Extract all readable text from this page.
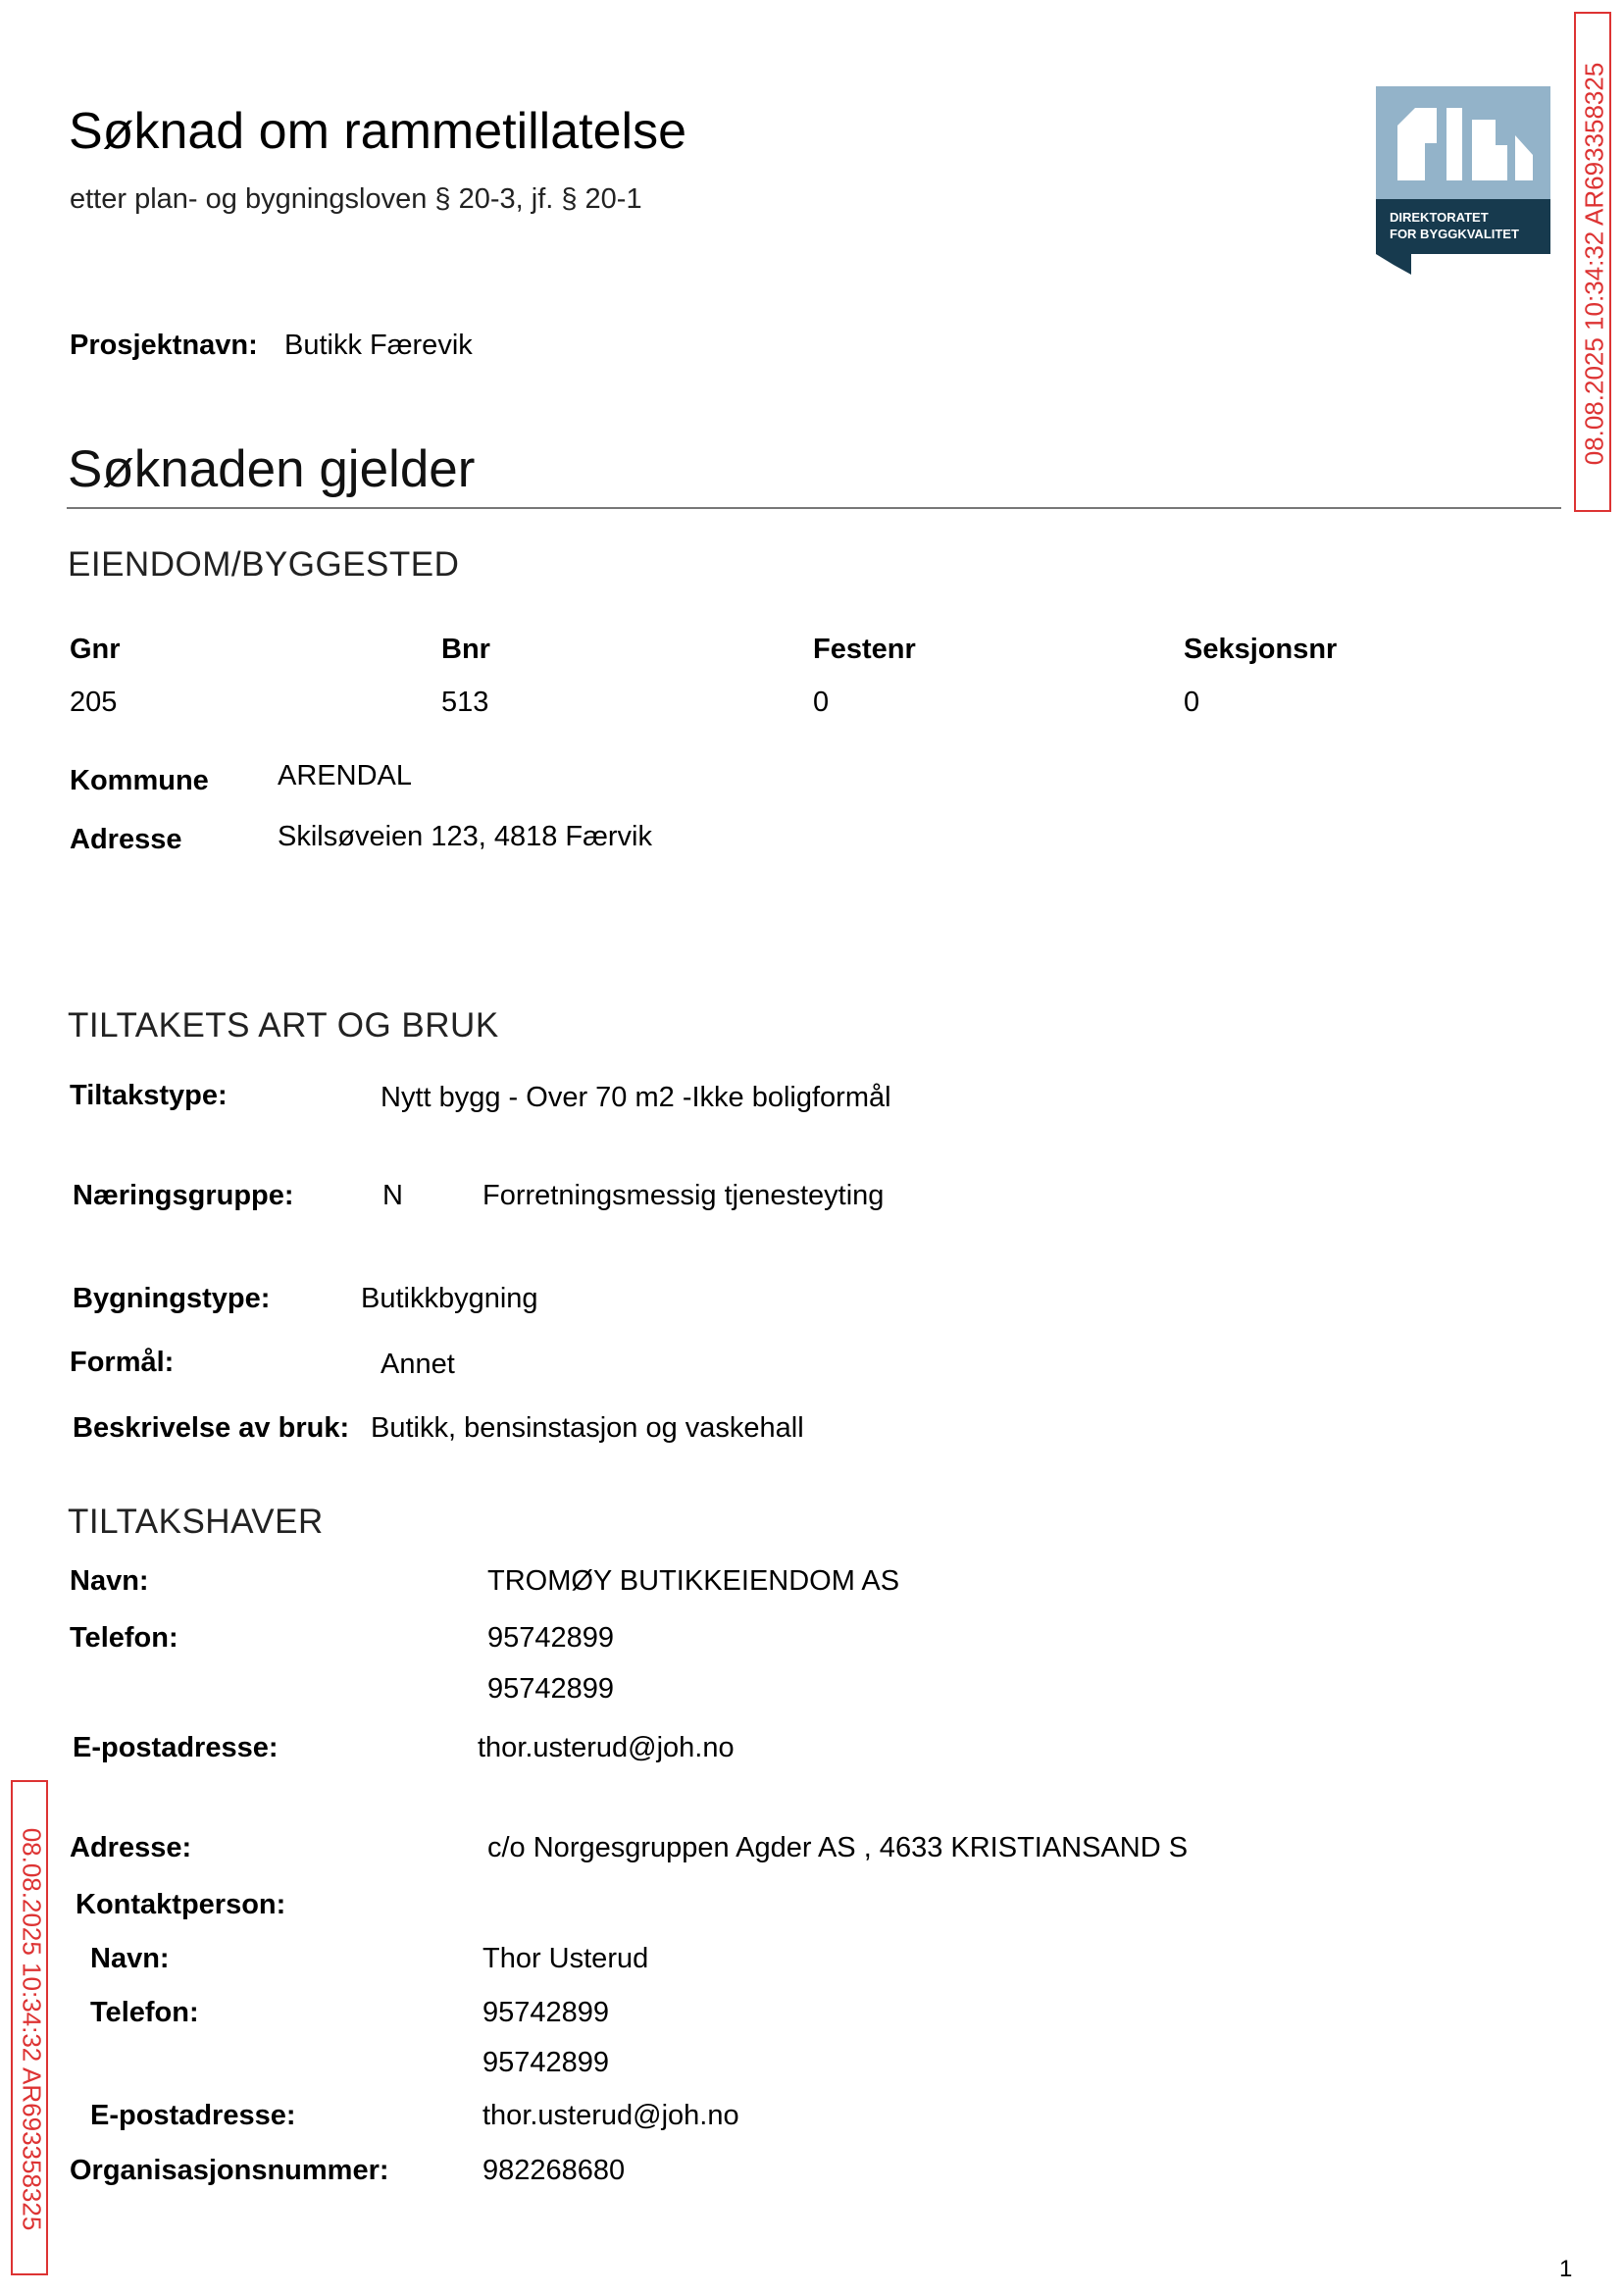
Søknad om rammetillatelse
etter plan- og bygningsloven § 20-3, jf. § 20-1
DIREKTORATET
FOR BYGGKVALITET 08.08.2025 10:34:32 AR693358325
Prosjektnavn: Butikk Færevik
Søknaden gjelder
EIENDOM/BYGGESTED
Gnr	Bnr	Festenr	Seksjonsnr
205	513	0	0
Kommune ARENDAL
Adresse	Skilsøveien 123, 4818 Færvik
TILTAKETS ART OG BRUK
Tiltakstype:	Nytt bygg - Over 70 m2 -Ikke boligformål
Næringsgruppe:	N	Forretningsmessig tjenesteyting
Bygningstype:	Butikkbygning
Formål:	Annet
Beskrivelse av bruk: Butikk, bensinstasjon og vaskehall
TILTAKSHAVER
Navn:	TROMØY BUTIKKEIENDOM AS
Telefon:	95742899
95742899
E-postadresse:	thor.usterud@joh.no
Adresse:	c/o Norgesgruppen Agder AS , 4633 KRISTIANSAND S
Kontaktperson:
Navn:	Thor Usterud
Telefon:	95742899
95742899
E-postadresse:	thor.usterud@joh.no
Organisasjonsnummer:	982268680
08.08.2025 10:34:32 AR693358325
1
